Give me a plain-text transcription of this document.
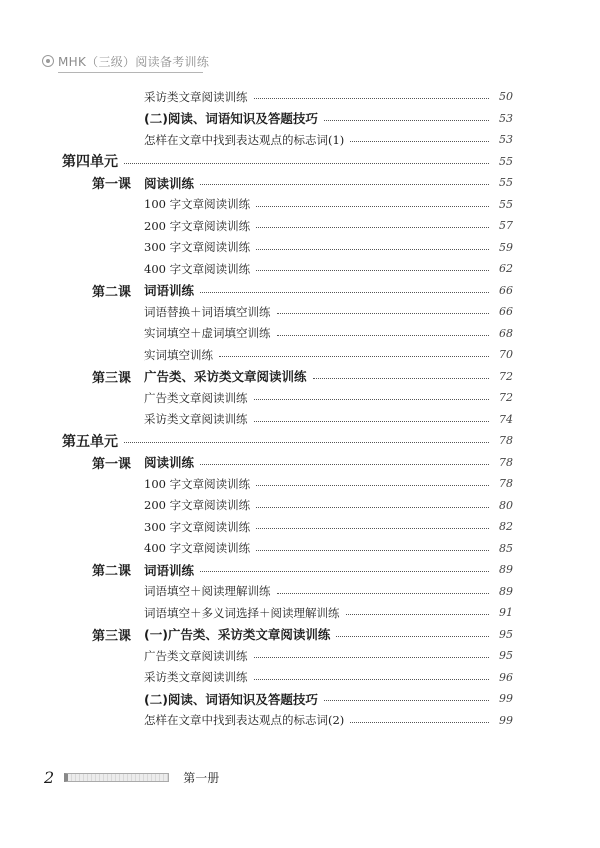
MHK（三级）阅读备考训练
采访类文章阅读训练	50
(二)阅读、词语知识及答题技巧	53
怎样在文章中找到表达观点的标志词(1)	53
第四单元	55
第一课	阅读训练	55
100 字文章阅读训练	55
200 字文章阅读训练	57
300 字文章阅读训练	59
400 字文章阅读训练	62
第二课	词语训练	66
词语替换＋词语填空训练	66
实词填空＋虚词填空训练	68
实词填空训练	70
第三课	广告类、采访类文章阅读训练	72
广告类文章阅读训练	72
采访类文章阅读训练	74
第五单元	78
第一课	阅读训练	78
100 字文章阅读训练	78
200 字文章阅读训练	80
300 字文章阅读训练	82
400 字文章阅读训练	85
第二课	词语训练	89
词语填空＋阅读理解训练	89
词语填空＋多义词选择＋阅读理解训练	91
第三课	(一)广告类、采访类文章阅读训练	95
广告类文章阅读训练	95
采访类文章阅读训练	96
(二)阅读、词语知识及答题技巧	99
怎样在文章中找到表达观点的标志词(2)	99
2	第一册
